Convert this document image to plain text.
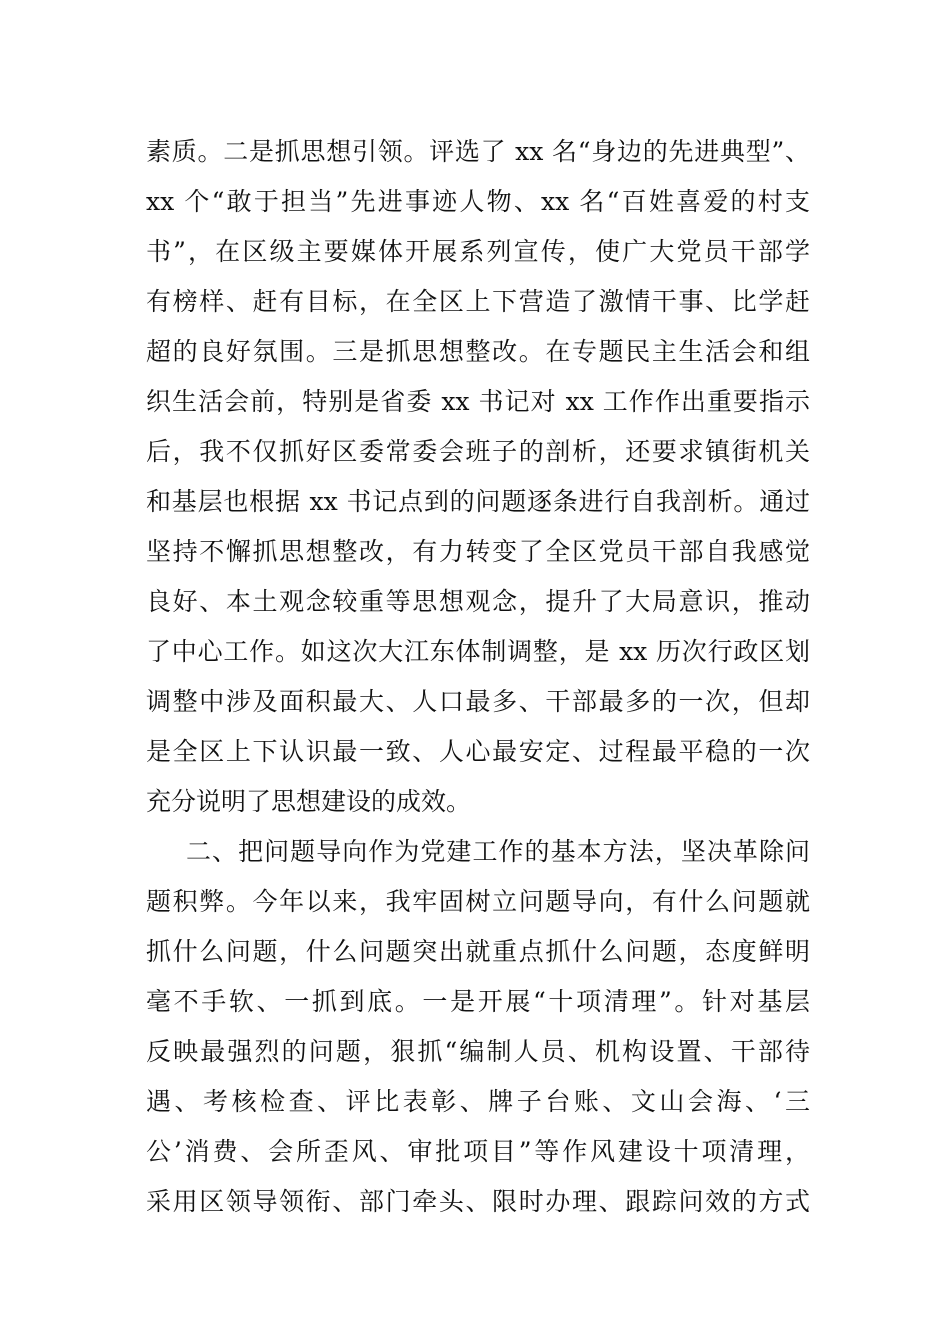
素质。二是抓思想引领。评选了 xx 名“身边的先进典型”、
xx 个“敢于担当”先进事迹人物、xx 名“百姓喜爱的村支
书”，在区级主要媒体开展系列宣传，使广大党员干部学
有榜样、赶有目标，在全区上下营造了激情干事、比学赶
超的良好氛围。三是抓思想整改。在专题民主生活会和组
织生活会前，特别是省委 xx 书记对 xx 工作作出重要指示
后，我不仅抓好区委常委会班子的剖析，还要求镇街机关
和基层也根据 xx 书记点到的问题逐条进行自我剖析。通过
坚持不懈抓思想整改，有力转变了全区党员干部自我感觉
良好、本土观念较重等思想观念，提升了大局意识，推动
了中心工作。如这次大江东体制调整，是 xx 历次行政区划
调整中涉及面积最大、人口最多、干部最多的一次，但却
是全区上下认识最一致、人心最安定、过程最平稳的一次
充分说明了思想建设的成效。
二、把问题导向作为党建工作的基本方法，坚决革除问
题积弊。今年以来，我牢固树立问题导向，有什么问题就
抓什么问题，什么问题突出就重点抓什么问题，态度鲜明
毫不手软、一抓到底。一是开展“十项清理”。针对基层
反映最强烈的问题，狠抓“编制人员、机构设置、干部待
遇、考核检查、评比表彰、牌子台账、文山会海、‘三
公’消费、会所歪风、审批项目”等作风建设十项清理，
采用区领导领衔、部门牵头、限时办理、跟踪问效的方式
